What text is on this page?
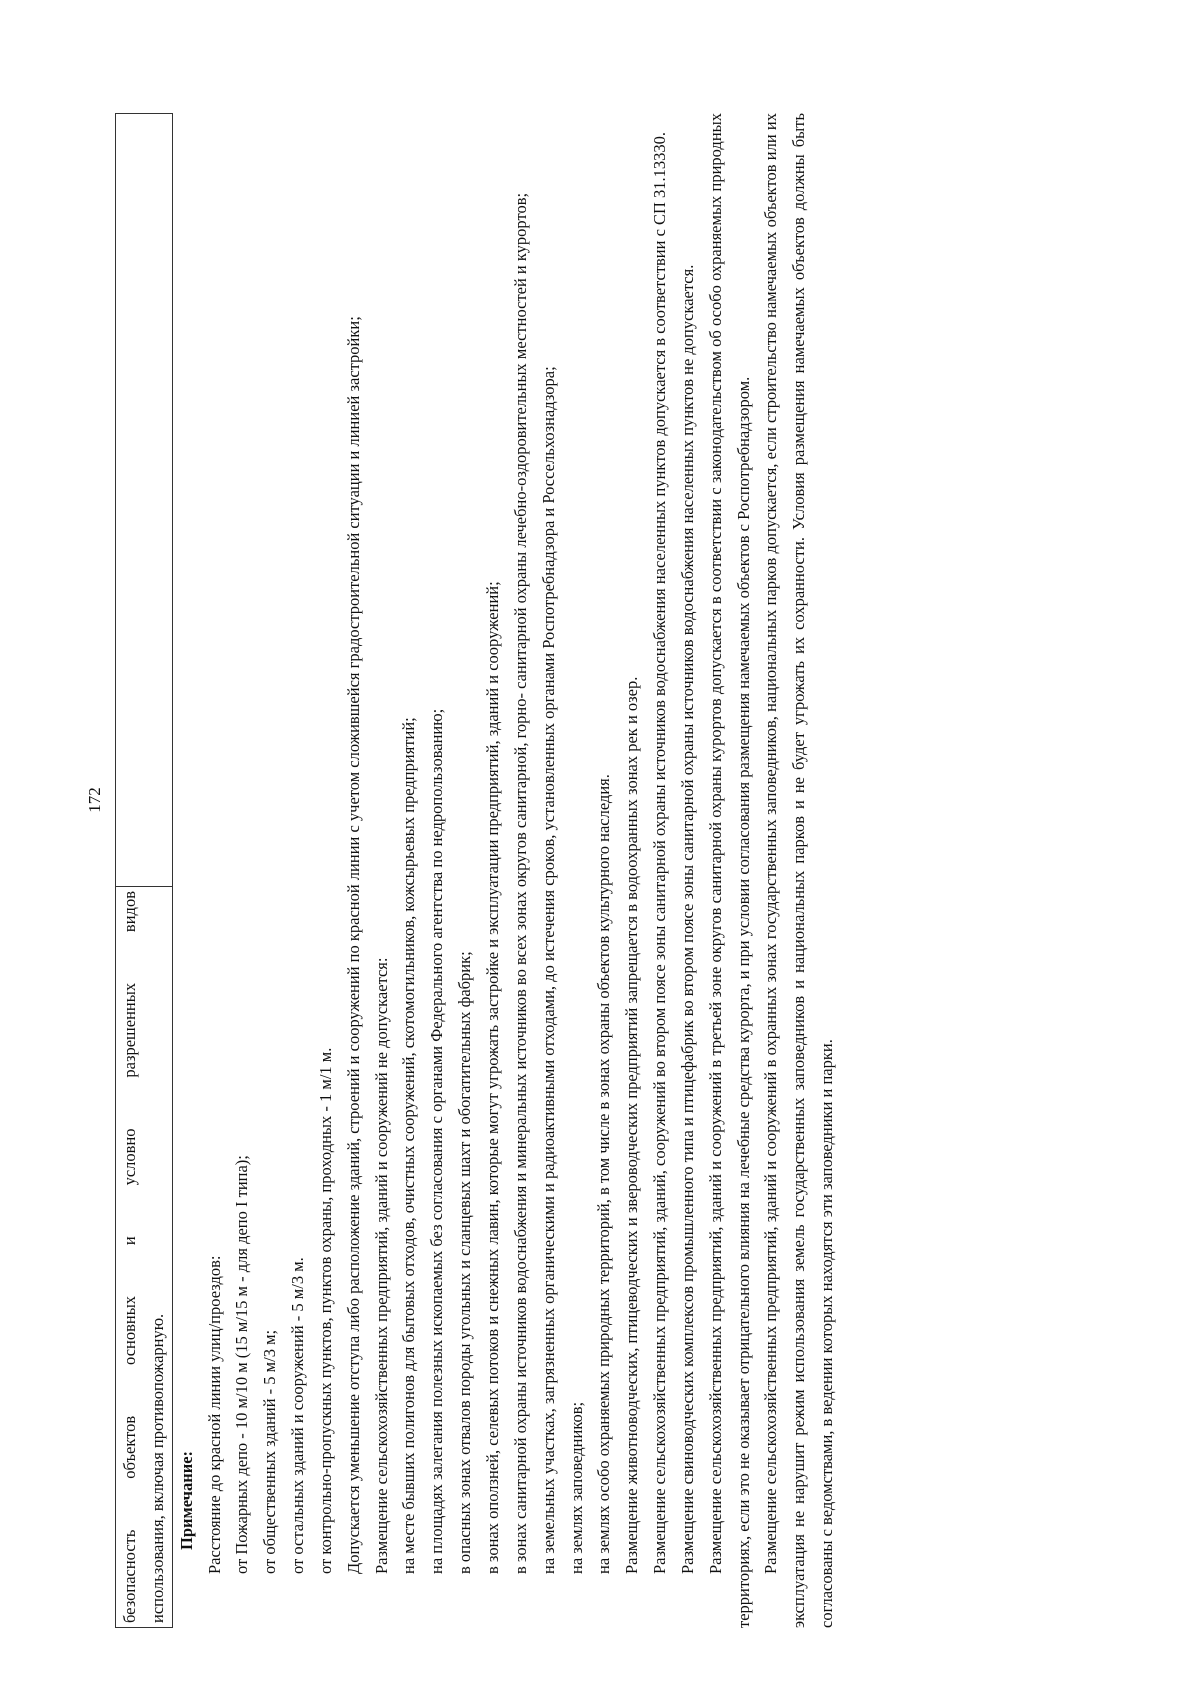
172
безопасность объектов основных и условно разрешенных видов использования, включая противопожарную. Примечание: Расстояние до красной линии улиц/проездов: от Пожарных депо - 10 м/10 м (15 м/15 м - для депо I типа); от общественных зданий - 5 м/3 м; от остальных зданий и сооружений - 5 м/3 м. от контрольно-пропускных пунктов, пунктов охраны, проходных - 1 м/1 м. Допускается уменьшение отступа либо расположение зданий, строений и сооружений по красной линии с учетом сложившейся градостроительной ситуации и линией застройки; Размещение сельскохозяйственных предприятий, зданий и сооружений не допускается: на месте бывших полигонов для бытовых отходов, очистных сооружений, скотомогильников, кожсырьевых предприятий; на площадях залегания полезных ископаемых без согласования с органами Федерального агентства по недропользованию; в опасных зонах отвалов породы угольных и сланцевых шахт и обогатительных фабрик; в зонах оползней, селевых потоков и снежных лавин, которые могут угрожать застройке и эксплуатации предприятий, зданий и сооружений; в зонах санитарной охраны источников водоснабжения и минеральных источников во всех зонах округов санитарной, горно- санитарной охраны лечебно-оздоровительных местностей и курортов; на земельных участках, загрязненных органическими и радиоактивными отходами, до истечения сроков, установленных органами Роспотребнадзора и Россельхознадзора; на землях заповедников; на землях особо охраняемых природных территорий, в том числе в зонах охраны объектов культурного наследия. Размещение животноводческих, птицеводческих и звероводческих предприятий запрещается в водоохранных зонах рек и озер. Размещение сельскохозяйственных предприятий, зданий, сооружений во втором поясе зоны санитарной охраны источников водоснабжения населенных пунктов допускается в соответствии с СП 31.13330. Размещение свиноводческих комплексов промышленного типа и птицефабрик во втором поясе зоны санитарной охраны источников водоснабжения населенных пунктов не допускается. Размещение сельскохозяйственных предприятий, зданий и сооружений в третьей зоне округов санитарной охраны курортов допускается в соответствии с законодательством об особо охраняемых природных территориях, если это не оказывает отрицательного влияния на лечебные средства курорта, и при условии согласования размещения намечаемых объектов с Роспотребнадзором. Размещение сельскохозяйственных предприятий, зданий и сооружений в охранных зонах государственных заповедников, национальных парков допускается, если строительство намечаемых объектов или их эксплуатация не нарушит режим использования земель государственных заповедников и национальных парков и не будет угрожать их сохранности. Условия размещения намечаемых объектов должны быть согласованы с ведомствами, в ведении которых находятся эти заповедники и парки.
